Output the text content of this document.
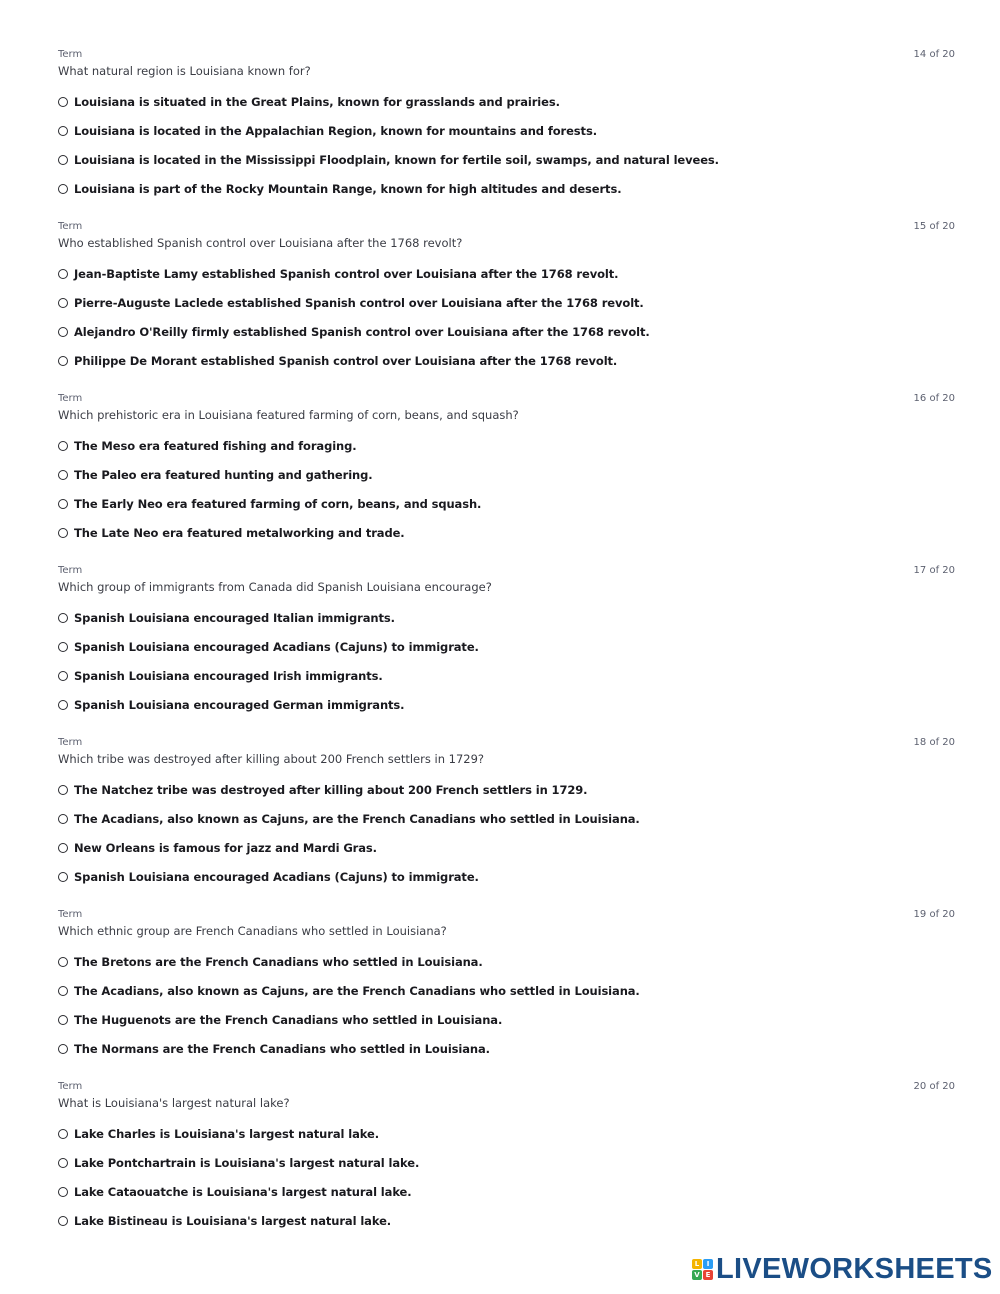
Term	14 of 20
What natural region is Louisiana known for?
Louisiana is situated in the Great Plains, known for grasslands and prairies.
Louisiana is located in the Appalachian Region, known for mountains and forests.
Louisiana is located in the Mississippi Floodplain, known for fertile soil, swamps, and natural levees.
Louisiana is part of the Rocky Mountain Range, known for high altitudes and deserts.
Term	15 of 20
Who established Spanish control over Louisiana after the 1768 revolt?
Jean-Baptiste Lamy established Spanish control over Louisiana after the 1768 revolt.
Pierre-Auguste Laclede established Spanish control over Louisiana after the 1768 revolt.
Alejandro O'Reilly firmly established Spanish control over Louisiana after the 1768 revolt.
Philippe De Morant established Spanish control over Louisiana after the 1768 revolt.
Term	16 of 20
Which prehistoric era in Louisiana featured farming of corn, beans, and squash?
The Meso era featured fishing and foraging.
The Paleo era featured hunting and gathering.
The Early Neo era featured farming of corn, beans, and squash.
The Late Neo era featured metalworking and trade.
Term	17 of 20
Which group of immigrants from Canada did Spanish Louisiana encourage?
Spanish Louisiana encouraged Italian immigrants.
Spanish Louisiana encouraged Acadians (Cajuns) to immigrate.
Spanish Louisiana encouraged Irish immigrants.
Spanish Louisiana encouraged German immigrants.
Term	18 of 20
Which tribe was destroyed after killing about 200 French settlers in 1729?
The Natchez tribe was destroyed after killing about 200 French settlers in 1729.
The Acadians, also known as Cajuns, are the French Canadians who settled in Louisiana.
New Orleans is famous for jazz and Mardi Gras.
Spanish Louisiana encouraged Acadians (Cajuns) to immigrate.
Term	19 of 20
Which ethnic group are French Canadians who settled in Louisiana?
The Bretons are the French Canadians who settled in Louisiana.
The Acadians, also known as Cajuns, are the French Canadians who settled in Louisiana.
The Huguenots are the French Canadians who settled in Louisiana.
The Normans are the French Canadians who settled in Louisiana.
Term	20 of 20
What is Louisiana's largest natural lake?
Lake Charles is Louisiana's largest natural lake.
Lake Pontchartrain is Louisiana's largest natural lake.
Lake Cataouatche is Louisiana's largest natural lake.
Lake Bistineau is Louisiana's largest natural lake.
L	I
V E LIVEWORKSHEETS
